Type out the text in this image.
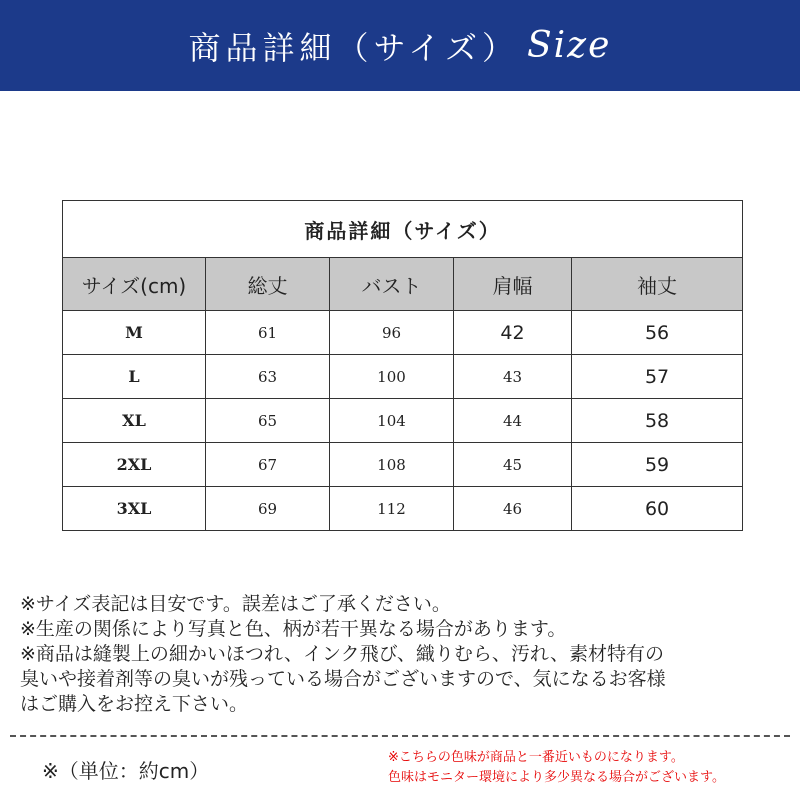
商品詳細（サイズ） Size
商品詳細（サイズ）				
サイズ(cm)	総丈	バスト	肩幅	袖丈
M	61	96	42	56
L	63	100	43	57
XL	65	104	44	58
2XL	67	108	45	59
3XL	69	112	46	60

※サイズ表記は目安です。誤差はご了承ください。

※生産の関係により写真と色、柄が若干異なる場合があります。

※商品は縫製上の細かいほつれ、インク飛び、織りむら、汚れ、素材特有の

臭いや接着剤等の臭いが残っている場合がございますので、気になるお客様

はご購入をお控え下さい。

※（単位：約cm）

※こちらの色味が商品と一番近いものになります。

色味はモニター環境により多少異なる場合がございます。
